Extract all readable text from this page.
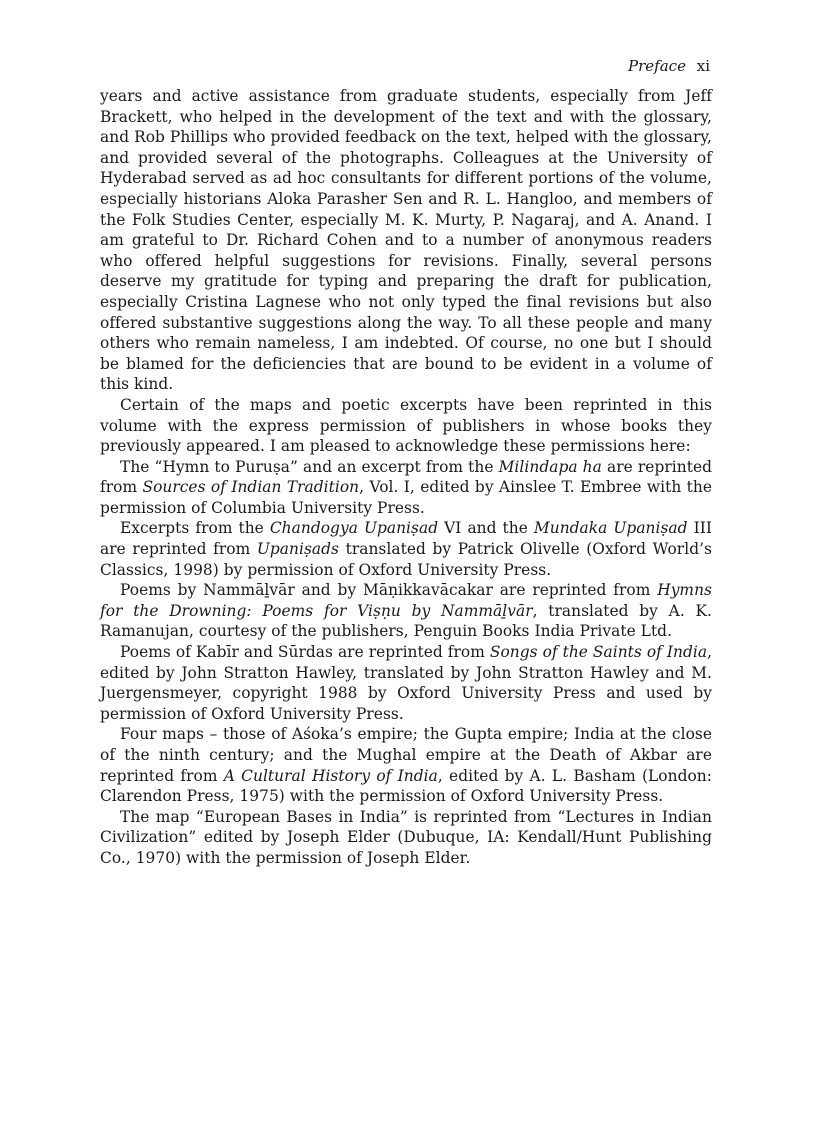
Preface xi

years and active assistance from graduate students, especially from Jeff Brackett, who helped in the development of the text and with the glossary, and Rob Phillips who provided feedback on the text, helped with the glossary, and provided several of the photographs. Colleagues at the University of Hyderabad served as ad hoc consultants for different portions of the volume, especially historians Aloka Parasher Sen and R. L. Hangloo, and members of the Folk Studies Center, especially M. K. Murty, P. Nagaraj, and A. Anand. I am grateful to Dr. Richard Cohen and to a number of anonymous readers who offered helpful suggestions for revisions. Finally, several persons deserve my gratitude for typing and preparing the draft for publication, especially Cristina Lagnese who not only typed the final revisions but also offered substantive suggestions along the way. To all these people and many others who remain nameless, I am indebted. Of course, no one but I should be blamed for the deficiencies that are bound to be evident in a volume of this kind.

Certain of the maps and poetic excerpts have been reprinted in this volume with the express permission of publishers in whose books they previously appeared. I am pleased to acknowledge these permissions here:

The “Hymn to Puruṣa” and an excerpt from the Milindapa ha are reprinted from Sources of Indian Tradition, Vol. I, edited by Ainslee T. Embree with the permission of Columbia University Press.

Excerpts from the Chandogya Upaniṣad VI and the Mundaka Upaniṣad III are reprinted from Upaniṣads translated by Patrick Olivelle (Oxford World’s Classics, 1998) by permission of Oxford University Press.

Poems by Nammāḻvār and by Māṇikkavācakar are reprinted from Hymns for the Drowning: Poems for Viṣṇu by Nammāḻvār, translated by A. K. Ramanujan, courtesy of the publishers, Penguin Books India Private Ltd.

Poems of Kabīr and Sūrdas are reprinted from Songs of the Saints of India, edited by John Stratton Hawley, translated by John Stratton Hawley and M. Juergensmeyer, copyright 1988 by Oxford University Press and used by permission of Oxford University Press.

Four maps – those of Aśoka’s empire; the Gupta empire; India at the close of the ninth century; and the Mughal empire at the Death of Akbar are reprinted from A Cultural History of India, edited by A. L. Basham (London: Clarendon Press, 1975) with the permission of Oxford University Press.

The map “European Bases in India” is reprinted from “Lectures in Indian Civilization” edited by Joseph Elder (Dubuque, IA: Kendall/Hunt Publishing Co., 1970) with the permission of Joseph Elder.
